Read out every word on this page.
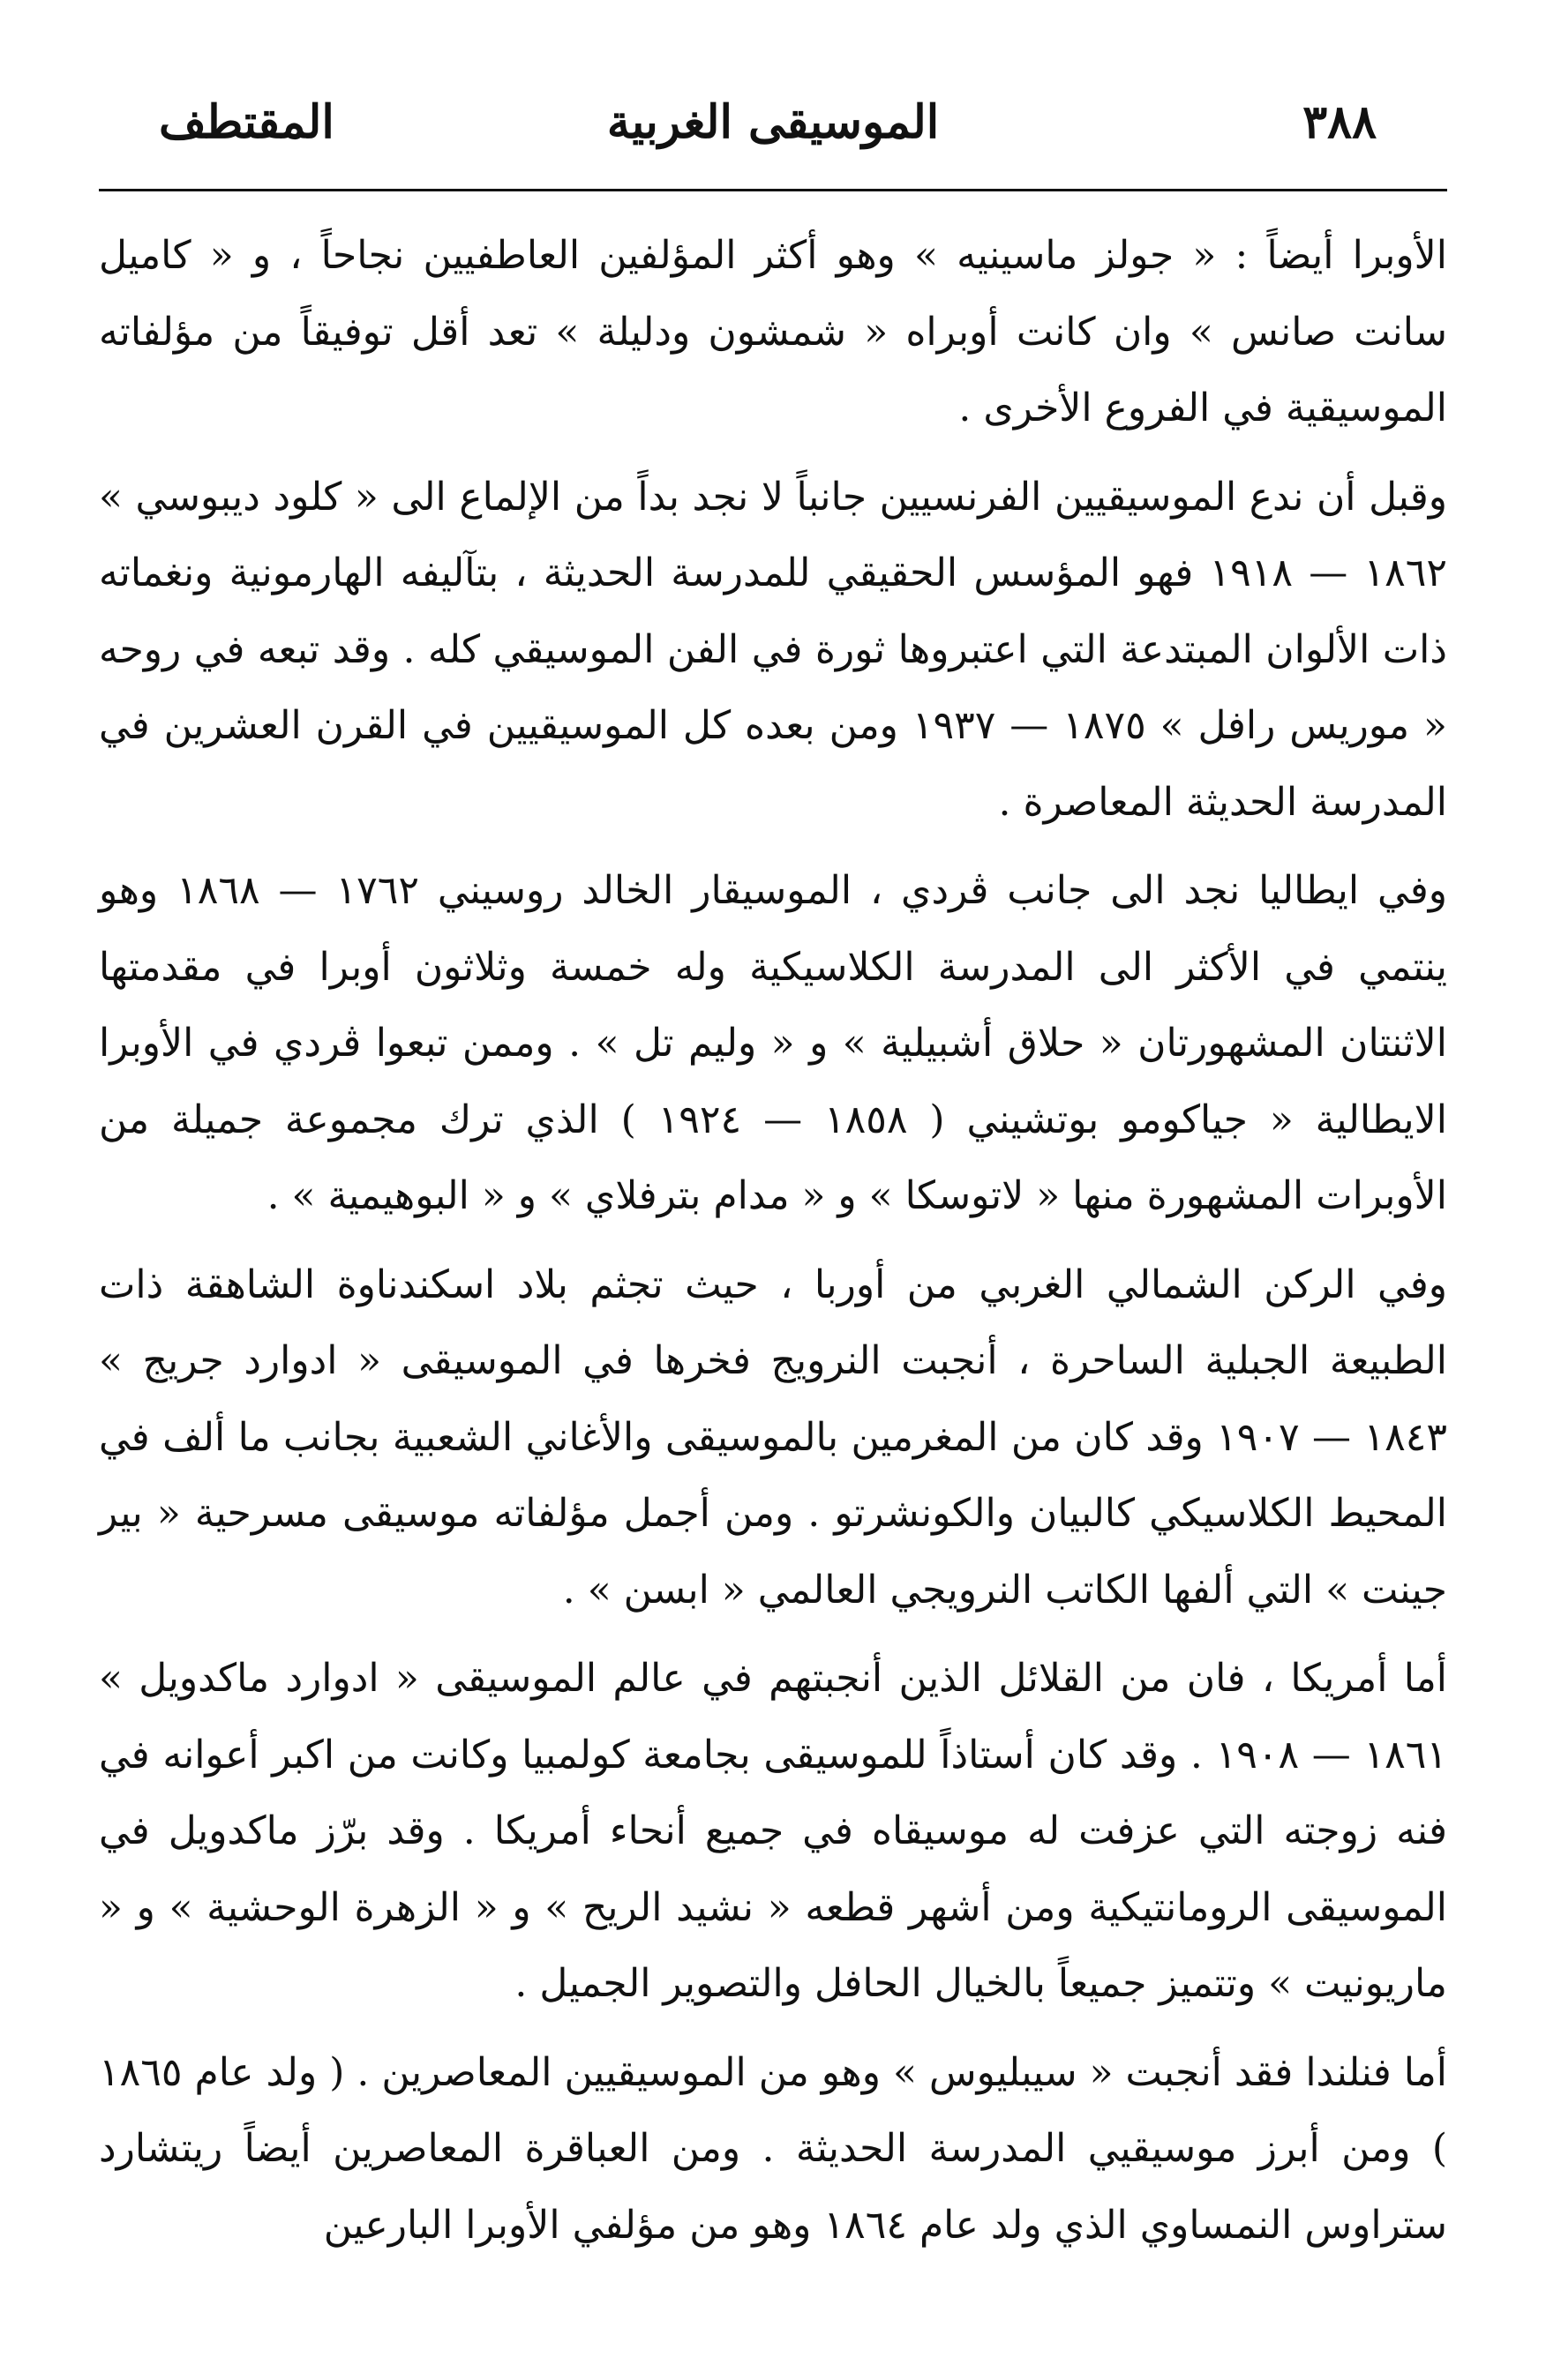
٣٨٨
الموسيقى الغربية
المقتطف

الأوبرا أيضاً : « جولز ماسينيه » وهو أكثر المؤلفين العاطفيين نجاحاً ، و « كاميل سانت صانس » وان كانت أوبراه « شمشون ودليلة » تعد أقل توفيقاً من مؤلفاته الموسيقية في الفروع الأخرى .

وقبل أن ندع الموسيقيين الفرنسيين جانباً لا نجد بداً من الإلماع الى « كلود ديبوسي » ١٨٦٢ — ١٩١٨ فهو المؤسس الحقيقي للمدرسة الحديثة ، بتآليفه الهارمونية ونغماته ذات الألوان المبتدعة التي اعتبروها ثورة في الفن الموسيقي كله . وقد تبعه في روحه « موريس رافل » ١٨٧٥ — ١٩٣٧ ومن بعده كل الموسيقيين في القرن العشرين في المدرسة الحديثة المعاصرة .

وفي ايطاليا نجد الى جانب ڤردي ، الموسيقار الخالد روسيني ١٧٦٢ — ١٨٦٨ وهو ينتمي في الأكثر الى المدرسة الكلاسيكية وله خمسة وثلاثون أوبرا في مقدمتها الاثنتان المشهورتان « حلاق أشبيلية » و « وليم تل » . وممن تبعوا ڤردي في الأوبرا الايطالية « جياكومو بوتشيني ( ١٨٥٨ — ١٩٢٤ ) الذي ترك مجموعة جميلة من الأوبرات المشهورة منها « لاتوسكا » و « مدام بترفلاي » و « البوهيمية » .

وفي الركن الشمالي الغربي من أوربا ، حيث تجثم بلاد اسكندناوة الشاهقة ذات الطبيعة الجبلية الساحرة ، أنجبت النرويج فخرها في الموسيقى « ادوارد جريج » ١٨٤٣ — ١٩٠٧ وقد كان من المغرمين بالموسيقى والأغاني الشعبية بجانب ما ألف في المحيط الكلاسيكي كالبيان والكونشرتو . ومن أجمل مؤلفاته موسيقى مسرحية « بير جينت » التي ألفها الكاتب النرويجي العالمي « ابسن » .

أما أمريكا ، فان من القلائل الذين أنجبتهم في عالم الموسيقى « ادوارد ماكدويل » ١٨٦١ — ١٩٠٨ . وقد كان أستاذاً للموسيقى بجامعة كولمبيا وكانت من اكبر أعوانه في فنه زوجته التي عزفت له موسيقاه في جميع أنحاء أمريكا . وقد برّز ماكدويل في الموسيقى الرومانتيكية ومن أشهر قطعه « نشيد الريح » و « الزهرة الوحشية » و « ماريونيت » وتتميز جميعاً بالخيال الحافل والتصوير الجميل .

أما فنلندا فقد أنجبت « سيبليوس » وهو من الموسيقيين المعاصرين . ( ولد عام ١٨٦٥ ) ومن أبرز موسيقيي المدرسة الحديثة . ومن العباقرة المعاصرين أيضاً ريتشارد ستراوس النمساوي الذي ولد عام ١٨٦٤ وهو من مؤلفي الأوبرا البارعين
